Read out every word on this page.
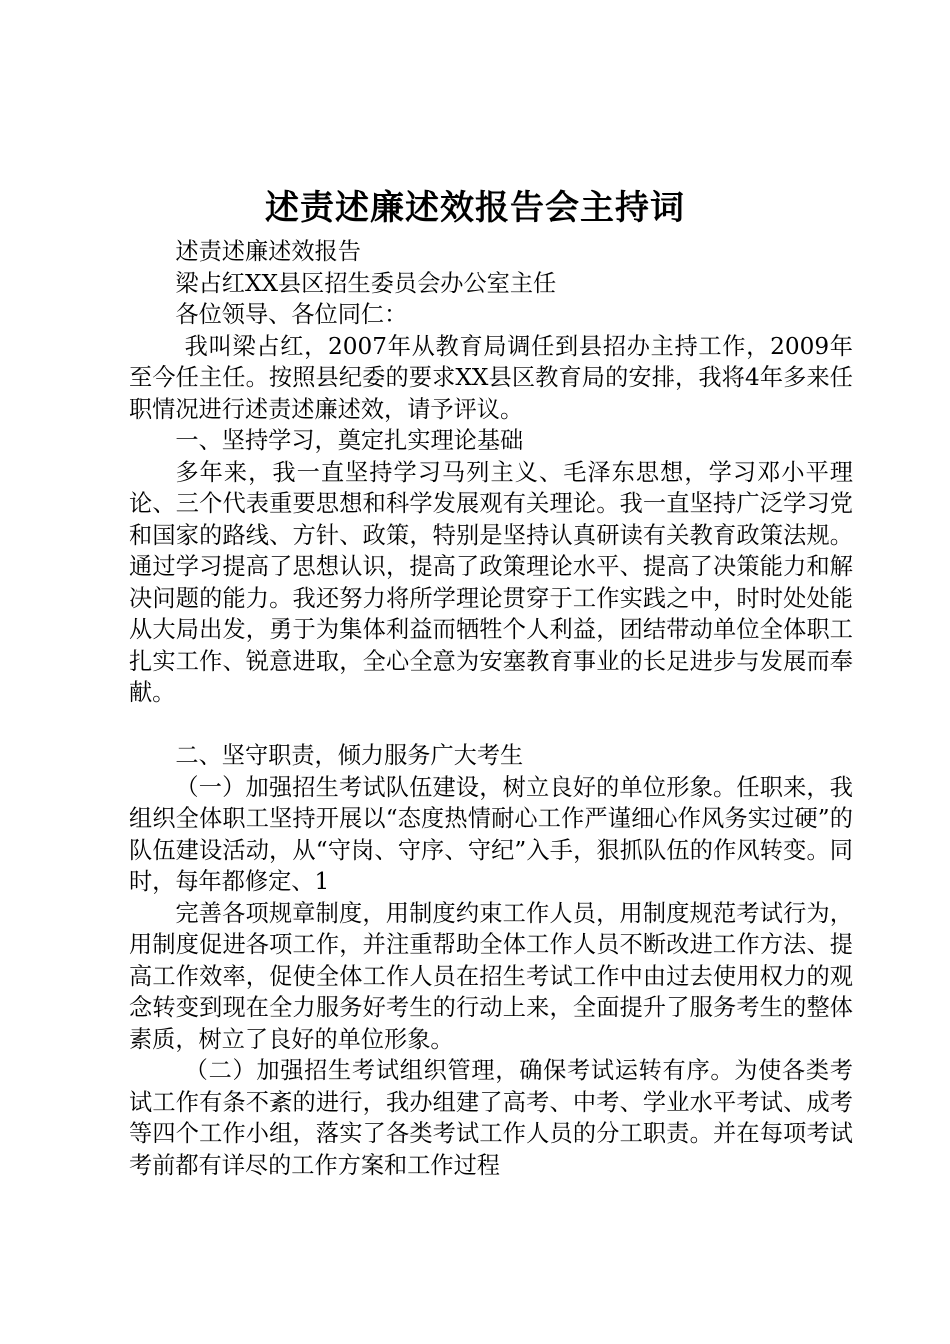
述责述廉述效报告会主持词

述责述廉述效报告

梁占红XX县区招生委员会办公室主任

各位领导、各位同仁：

我叫梁占红，2007年从教育局调任到县招办主持工作，2009年至今任主任。按照县纪委的要求XX县区教育局的安排，我将4年多来任职情况进行述责述廉述效，请予评议。

一、坚持学习，奠定扎实理论基础

多年来，我一直坚持学习马列主义、毛泽东思想，学习邓小平理论、三个代表重要思想和科学发展观有关理论。我一直坚持广泛学习党和国家的路线、方针、政策，特别是坚持认真研读有关教育政策法规。通过学习提高了思想认识，提高了政策理论水平、提高了决策能力和解决问题的能力。我还努力将所学理论贯穿于工作实践之中，时时处处能从大局出发，勇于为集体利益而牺牲个人利益，团结带动单位全体职工扎实工作、锐意进取，全心全意为安塞教育事业的长足进步与发展而奉献。

二、坚守职责，倾力服务广大考生

（一）加强招生考试队伍建设，树立良好的单位形象。任职来，我组织全体职工坚持开展以“态度热情耐心工作严谨细心作风务实过硬”的队伍建设活动，从“守岗、守序、守纪”入手，狠抓队伍的作风转变。同时，每年都修定、1

完善各项规章制度，用制度约束工作人员，用制度规范考试行为，用制度促进各项工作，并注重帮助全体工作人员不断改进工作方法、提高工作效率，促使全体工作人员在招生考试工作中由过去使用权力的观念转变到现在全力服务好考生的行动上来，全面提升了服务考生的整体素质，树立了良好的单位形象。

（二）加强招生考试组织管理，确保考试运转有序。为使各类考试工作有条不紊的进行，我办组建了高考、中考、学业水平考试、成考等四个工作小组，落实了各类考试工作人员的分工职责。并在每项考试考前都有详尽的工作方案和工作过程
